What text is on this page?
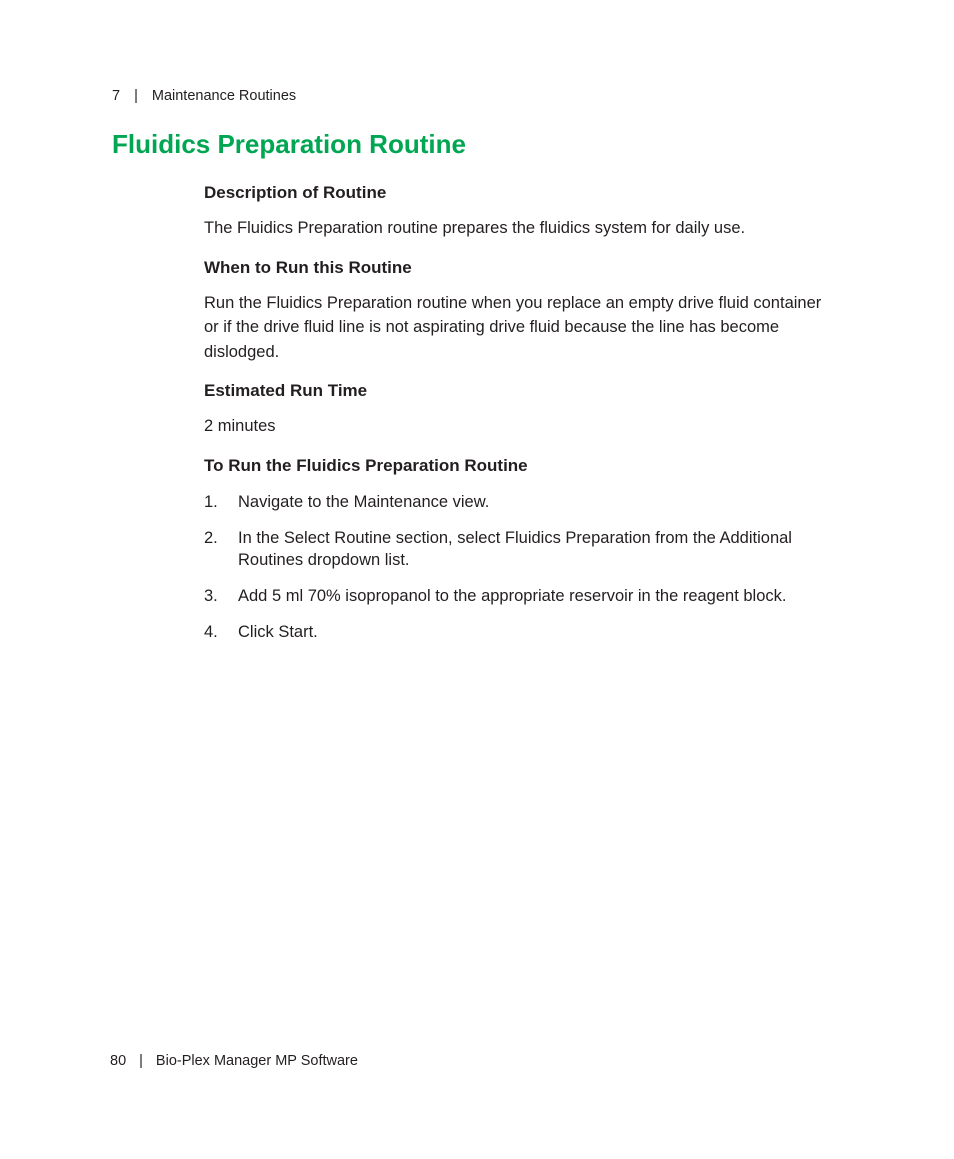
7 | Maintenance Routines
Fluidics Preparation Routine
Description of Routine

The Fluidics Preparation routine prepares the fluidics system for daily use.

When to Run this Routine

Run the Fluidics Preparation routine when you replace an empty drive fluid container or if the drive fluid line is not aspirating drive fluid because the line has become dislodged.

Estimated Run Time

2 minutes

To Run the Fluidics Preparation Routine
1. Navigate to the Maintenance view.
2. In the Select Routine section, select Fluidics Preparation from the Additional Routines dropdown list.
3. Add 5 ml 70% isopropanol to the appropriate reservoir in the reagent block.
4. Click Start.
80 | Bio-Plex Manager MP Software
